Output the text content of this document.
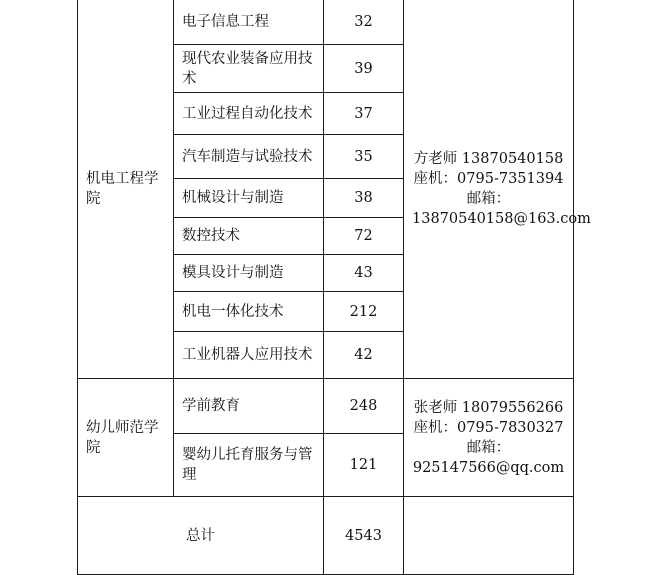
机电工程学院	电子信息工程	32	方老师 13870540158
座机：0795-7351394
邮箱：
13870540158@163.com

	现代农业装备应用技术	39	
	工业过程自动化技术	37	
	汽车制造与试验技术	35	
	机械设计与制造	38	
	数控技术	72	
	模具设计与制造	43	
	机电一体化技术	212	
	工业机器人应用技术	42	
幼儿师范学院	学前教育	248	张老师 18079556266
座机：0795-7830327
邮箱：
925147566@qq.com

	婴幼儿托育服务与管理	121	
总计		4543	
